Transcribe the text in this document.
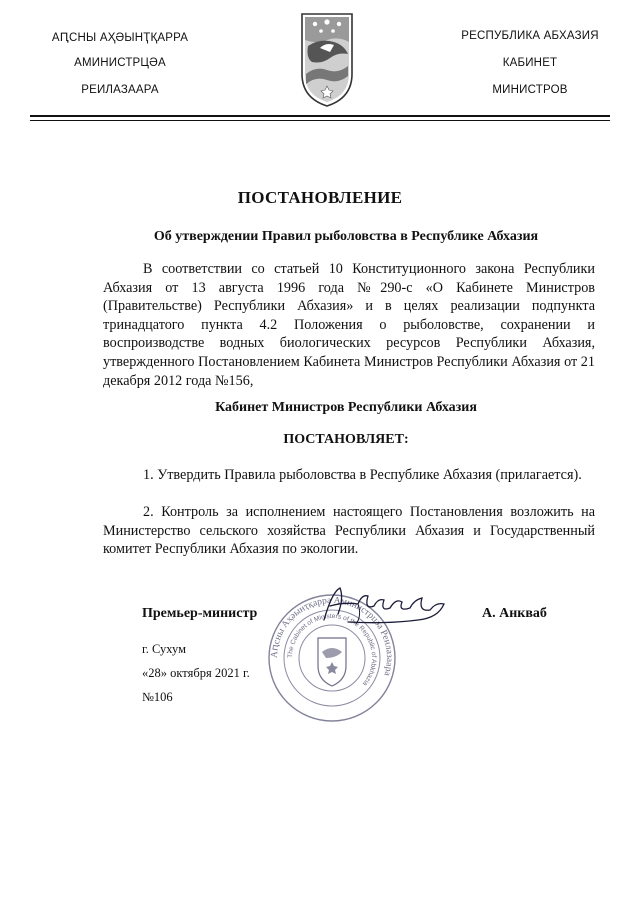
АԤСНЫ АҲӘЫНҬҚАРРА
АМИНИСТРЦӘА
РЕИЛАЗААРА
РЕСПУБЛИКА АБХАЗИЯ
КАБИНЕТ
МИНИСТРОВ
ПОСТАНОВЛЕНИЕ
Об утверждении Правил рыболовства в Республике Абхазия
В соответствии со статьей 10 Конституционного закона Республики Абхазия от 13 августа 1996 года №290-с «О Кабинете Министров (Правительстве) Республики Абхазия» и в целях реализации подпункта тринадцатого пункта 4.2 Положения о рыболовстве, сохранении и воспроизводстве водных биологических ресурсов Республики Абхазия, утвержденного Постановлением Кабинета Министров Республики Абхазия от 21 декабря 2012 года №156,
Кабинет Министров Республики Абхазия
ПОСТАНОВЛЯЕТ:
1. Утвердить Правила рыболовства в Республике Абхазия (прилагается).
2. Контроль за исполнением настоящего Постановления возложить на Министерство сельского хозяйства Республики Абхазия и Государственный комитет Республики Абхазия по экологии.
Аԥсны Аҳәынҭқарра Аминистрцәа Реилазаара
The Cabinet of Ministers of the Republic of Abkhazia
Премьер-министр	А. Анкваб
г. Сухум
«28» октября 2021 г.
№106
